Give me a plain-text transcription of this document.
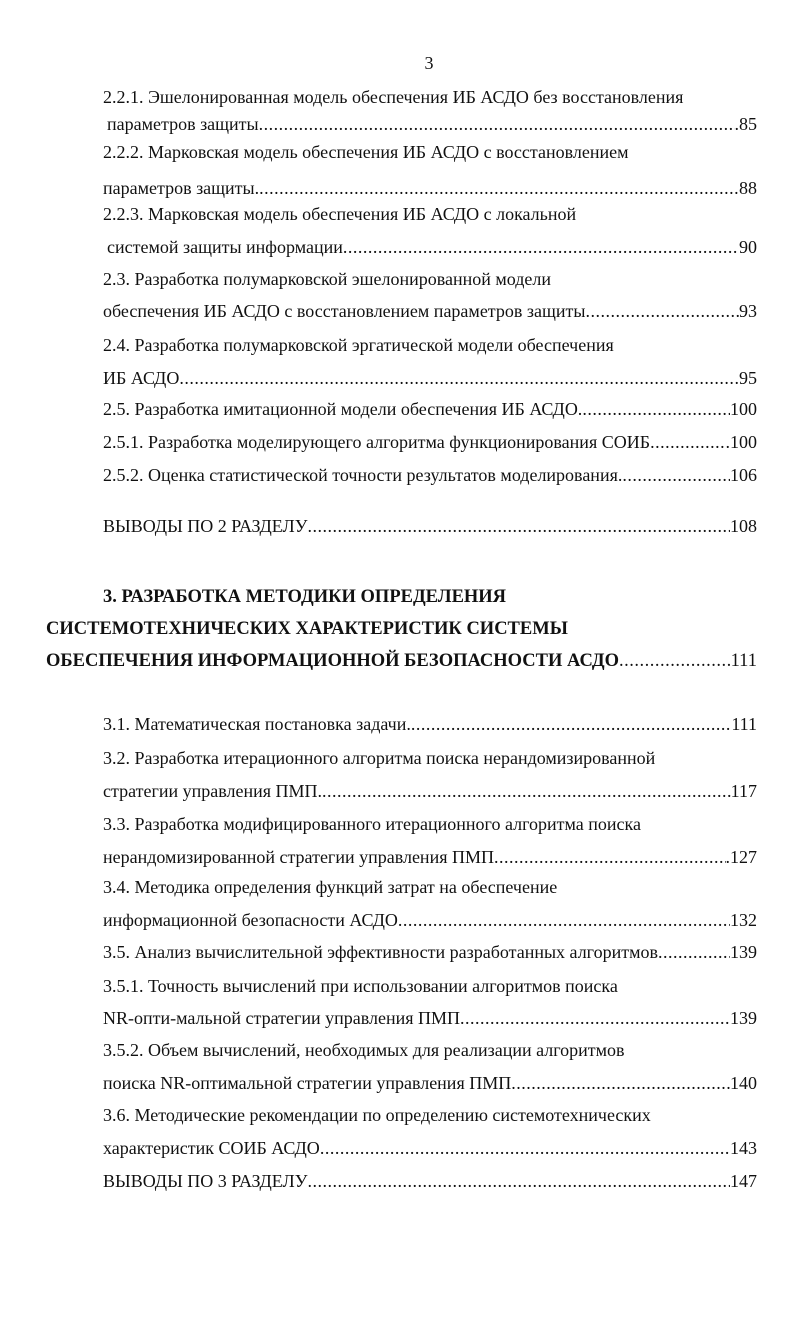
3
2.2.1. Эшелонированная модель обеспечения ИБ АСДО без восстановления
параметров защиты .....	.85
2.2.2. Марковская модель обеспечения ИБ АСДО с восстановлением
параметров защиты. .....	88
2.2.3. Марковская модель обеспечения ИБ АСДО с локальной
системой защиты информации .....	90
2.3. Разработка полумарковской эшелонированной модели
обеспечения ИБ АСДО с восстановлением параметров защиты .....	93
2.4. Разработка полумарковской эргатической модели обеспечения
ИБ АСДО .....	.95
2.5. Разработка имитационной модели обеспечения ИБ АСДО. .....	100
2.5.1. Разработка моделирующего алгоритма функционирования СОИБ .....	.100
2.5.2. Оценка статистической точности результатов моделирования. .....	106
ВЫВОДЫ ПО 2 РАЗДЕЛУ .....	108
3. РАЗРАБОТКА МЕТОДИКИ ОПРЕДЕЛЕНИЯ
СИСТЕМОТЕХНИЧЕСКИХ ХАРАКТЕРИСТИК СИСТЕМЫ
ОБЕСПЕЧЕНИЯ ИНФОРМАЦИОННОЙ БЕЗОПАСНОСТИ АСДО .....	111
3.1. Математическая постановка задачи. .....	111
3.2. Разработка итерационного алгоритма поиска нерандомизированной
стратегии управления ПМП. .....	117
3.3. Разработка модифицированного итерационного алгоритма поиска
нерандомизированной стратегии управления ПМП .....	.127
3.4. Методика определения функций затрат на обеспечение
информационной безопасности АСДО .....	132
3.5. Анализ вычислительной эффективности разработанных алгоритмов .....	139
3.5.1. Точность вычислений при использовании алгоритмов поиска
NR-опти-мальной стратегии управления ПМП .....	139
3.5.2. Объем вычислений, необходимых для реализации алгоритмов
поиска NR-оптимальной стратегии управления ПМП .....	140
3.6. Методические рекомендации по определению системотехнических
характеристик СОИБ АСДО .....	143
ВЫВОДЫ ПО 3 РАЗДЕЛУ .....	147
